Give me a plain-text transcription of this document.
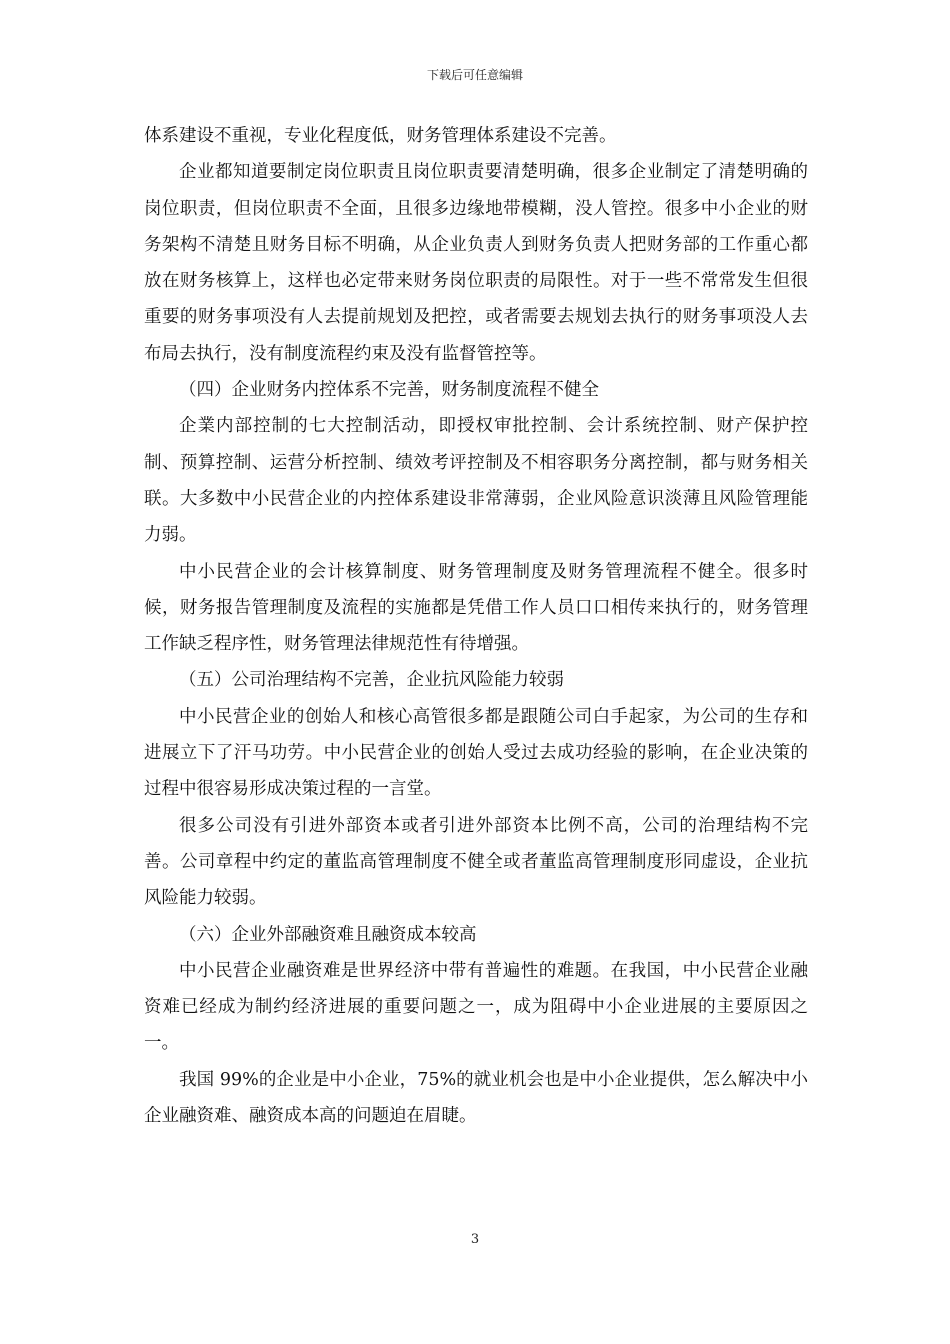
下载后可任意编辑

体系建设不重视，专业化程度低，财务管理体系建设不完善。

企业都知道要制定岗位职责且岗位职责要清楚明确，很多企业制定了清楚明确的岗位职责，但岗位职责不全面，且很多边缘地带模糊，没人管控。很多中小企业的财务架构不清楚且财务目标不明确，从企业负责人到财务负责人把财务部的工作重心都放在财务核算上，这样也必定带来财务岗位职责的局限性。对于一些不常常发生但很重要的财务事项没有人去提前规划及把控，或者需要去规划去执行的财务事项没人去布局去执行，没有制度流程约束及没有监督管控等。

（四）企业财务内控体系不完善，财务制度流程不健全

企業内部控制的七大控制活动，即授权审批控制、会计系统控制、财产保护控制、预算控制、运营分析控制、绩效考评控制及不相容职务分离控制，都与财务相关联。大多数中小民营企业的内控体系建设非常薄弱，企业风险意识淡薄且风险管理能力弱。

中小民营企业的会计核算制度、财务管理制度及财务管理流程不健全。很多时候，财务报告管理制度及流程的实施都是凭借工作人员口口相传来执行的，财务管理工作缺乏程序性，财务管理法律规范性有待增强。

（五）公司治理结构不完善，企业抗风险能力较弱

中小民营企业的创始人和核心高管很多都是跟随公司白手起家，为公司的生存和进展立下了汗马功劳。中小民营企业的创始人受过去成功经验的影响，在企业决策的过程中很容易形成决策过程的一言堂。

很多公司没有引进外部资本或者引进外部资本比例不高，公司的治理结构不完善。公司章程中约定的董监高管理制度不健全或者董监高管理制度形同虚设，企业抗风险能力较弱。

（六）企业外部融资难且融资成本较高

中小民营企业融资难是世界经济中带有普遍性的难题。在我国，中小民营企业融资难已经成为制约经济进展的重要问题之一，成为阻碍中小企业进展的主要原因之一。

我国 99%的企业是中小企业，75%的就业机会也是中小企业提供，怎么解决中小企业融资难、融资成本高的问题迫在眉睫。

3
